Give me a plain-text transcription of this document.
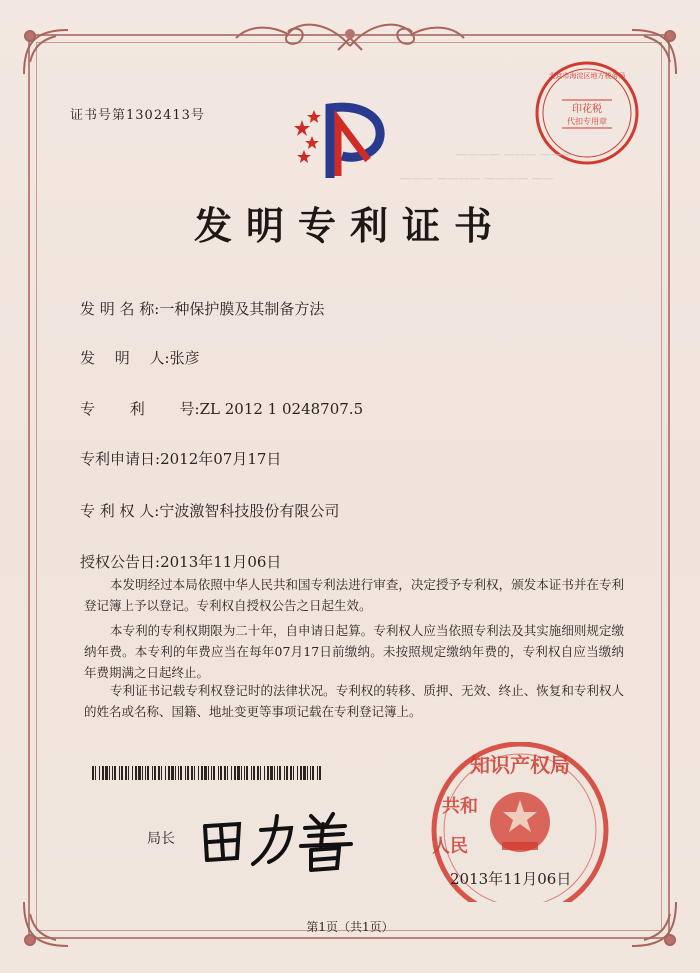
证书号第1302413号	印花税
代扣专用章
北京市海淀区地方税务局
———— ——— ———
——— ———— ———— ——
发明专利证书
发 明 名 称:一种保护膜及其制备方法
发　 明　 人:张彦
专　 　利　 　号:ZL 2012 1 0248707.5
专利申请日:2012年07月17日
专 利 权 人:宁波激智科技股份有限公司
授权公告日:2013年11月06日
本发明经过本局依照中华人民共和国专利法进行审查，决定授予专利权，颁发本证书并在专利登记簿上予以登记。专利权自授权公告之日起生效。
本专利的专利权期限为二十年，自申请日起算。专利权人应当依照专利法及其实施细则规定缴纳年费。本专利的年费应当在每年07月17日前缴纳。未按照规定缴纳年费的，专利权自应当缴纳年费期满之日起终止。
专利证书记载专利权登记时的法律状况。专利权的转移、质押、无效、终止、恢复和专利权人的姓名或名称、国籍、地址变更等事项记载在专利登记簿上。
局长
知识产权局
共和
人民
2013年11月06日
第1页（共1页）
